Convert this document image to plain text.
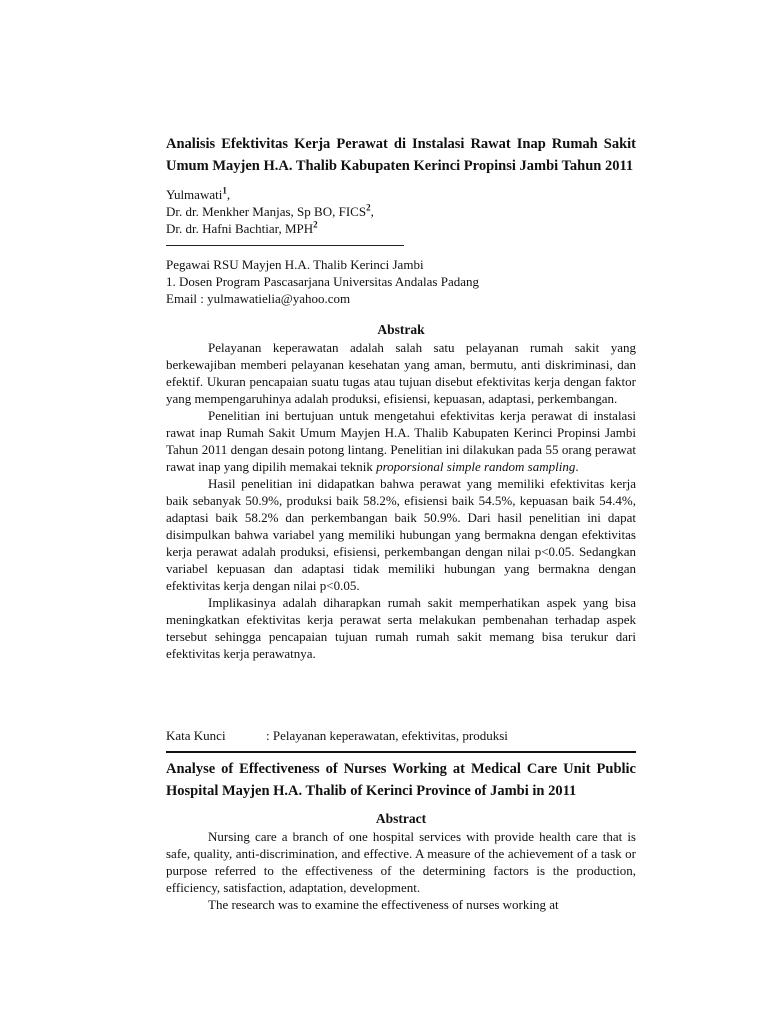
Analisis Efektivitas Kerja Perawat di Instalasi Rawat Inap Rumah Sakit Umum Mayjen H.A. Thalib Kabupaten Kerinci Propinsi Jambi Tahun 2011
Yulmawati$^1$,
Dr. dr. Menkher Manjas, Sp BO, FICS$^2$,
Dr. dr. Hafni Bachtiar, MPH$^2$
Pegawai RSU Mayjen H.A. Thalib Kerinci Jambi
1. Dosen Program Pascasarjana Universitas Andalas Padang
Email : yulmawatielia@yahoo.com
Abstrak
Pelayanan keperawatan adalah salah satu pelayanan rumah sakit yang berkewajiban memberi pelayanan kesehatan yang aman, bermutu, anti diskriminasi, dan efektif. Ukuran pencapaian suatu tugas atau tujuan disebut efektivitas kerja dengan faktor yang mempengaruhinya adalah produksi, efisiensi, kepuasan, adaptasi, perkembangan.
Penelitian ini bertujuan untuk mengetahui efektivitas kerja perawat di instalasi rawat inap Rumah Sakit Umum Mayjen H.A. Thalib Kabupaten Kerinci Propinsi Jambi Tahun 2011 dengan desain potong lintang. Penelitian ini dilakukan pada 55 orang perawat rawat inap yang dipilih memakai teknik proporsional simple random sampling.
Hasil penelitian ini didapatkan bahwa perawat yang memiliki efektivitas kerja baik sebanyak 50.9%, produksi baik 58.2%, efisiensi baik 54.5%, kepuasan baik 54.4%, adaptasi baik 58.2% dan perkembangan baik 50.9%. Dari hasil penelitian ini dapat disimpulkan bahwa variabel yang memiliki hubungan yang bermakna dengan efektivitas kerja perawat adalah produksi, efisiensi, perkembangan dengan nilai p<0.05. Sedangkan variabel kepuasan dan adaptasi tidak memiliki hubungan yang bermakna dengan efektivitas kerja dengan nilai p<0.05.
Implikasinya adalah diharapkan rumah sakit memperhatikan aspek yang bisa meningkatkan efektivitas kerja perawat serta melakukan pembenahan terhadap aspek tersebut sehingga pencapaian tujuan rumah rumah sakit memang bisa terukur dari efektivitas kerja perawatnya.
Kata Kunci	: Pelayanan keperawatan, efektivitas, produksi
Analyse of Effectiveness of Nurses Working at Medical Care Unit Public Hospital Mayjen H.A. Thalib of Kerinci Province of Jambi in 2011
Abstract
Nursing care a branch of one hospital services with provide health care that is safe, quality, anti-discrimination, and effective. A measure of the achievement of a task or purpose referred to the effectiveness of the determining factors is the production, efficiency, satisfaction, adaptation, development.
The research was to examine the effectiveness of nurses working at
